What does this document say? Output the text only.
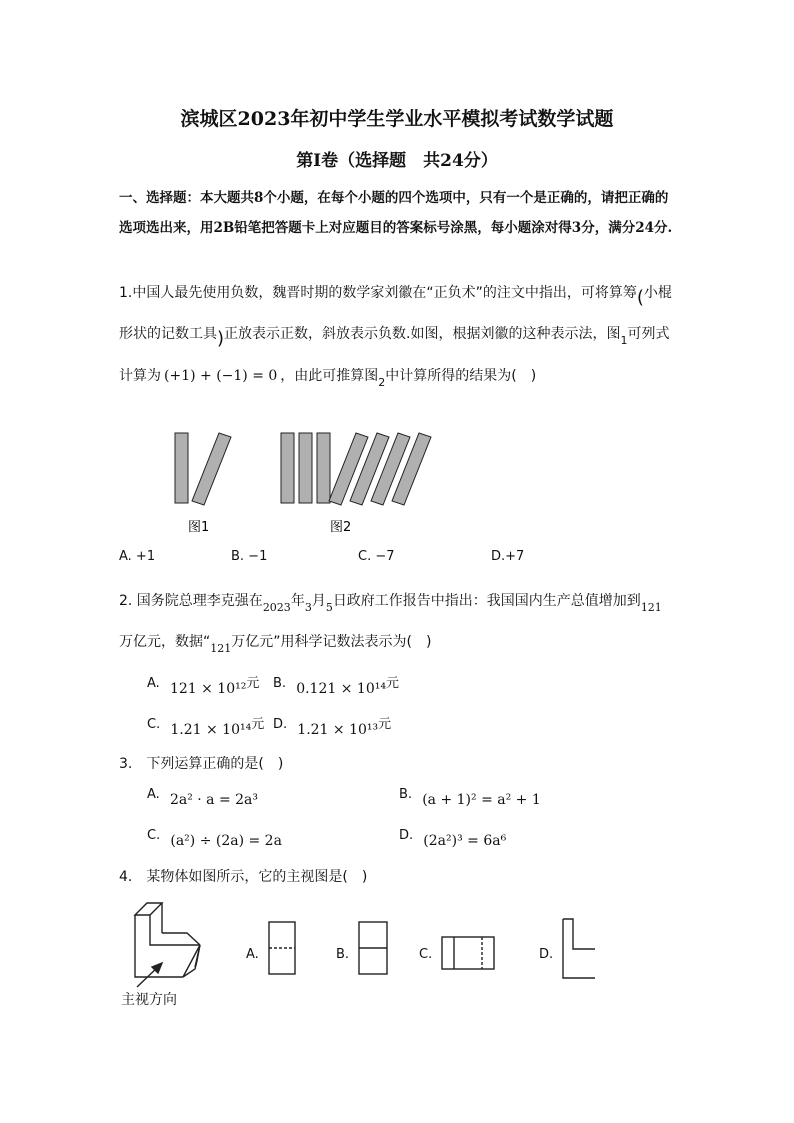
滨城区2023年初中学生学业水平模拟考试数学试题
第Ⅰ卷（选择题　共24分）
一、选择题：本大题共8个小题，在每个小题的四个选项中，只有一个是正确的，请把正确的选项选出来，用2B铅笔把答题卡上对应题目的答案标号涂黑，每小题涂对得3分，满分24分.
1.中国人最先使用负数，魏晋时期的数学家刘徽在“正负术”的注文中指出，可将算筹(小棍
形状的记数工具)正放表示正数，斜放表示负数.如图，根据刘徽的这种表示法，图$_1$可列式
计算为 (+1) + (−1) = 0 ，由此可推算图$_2$中计算所得的结果为(　)
图1	图2
A. +1	B. −1	C. −7	D.+7
2. 国务院总理李克强在$_{2023}$年$_3$月$_5$日政府工作报告中指出：我国国内生产总值增加到$_{121}$
万亿元，数据“$_{121}$万亿元”用科学记数法表示为(　)
A. 121 × 10¹²元 B. 0.121 × 10¹⁴元
C. 1.21 × 10¹⁴元 D. 1.21 × 10¹³元
3.　下列运算正确的是(　)
A. 2a² · a = 2a³	B. (a + 1)² = a² + 1
C. (a²) ÷ (2a) = 2a	D. (2a²)³ = 6a⁶
4.　某物体如图所示，它的主视图是(　)
主视方向
A.	B.	C.	D.
